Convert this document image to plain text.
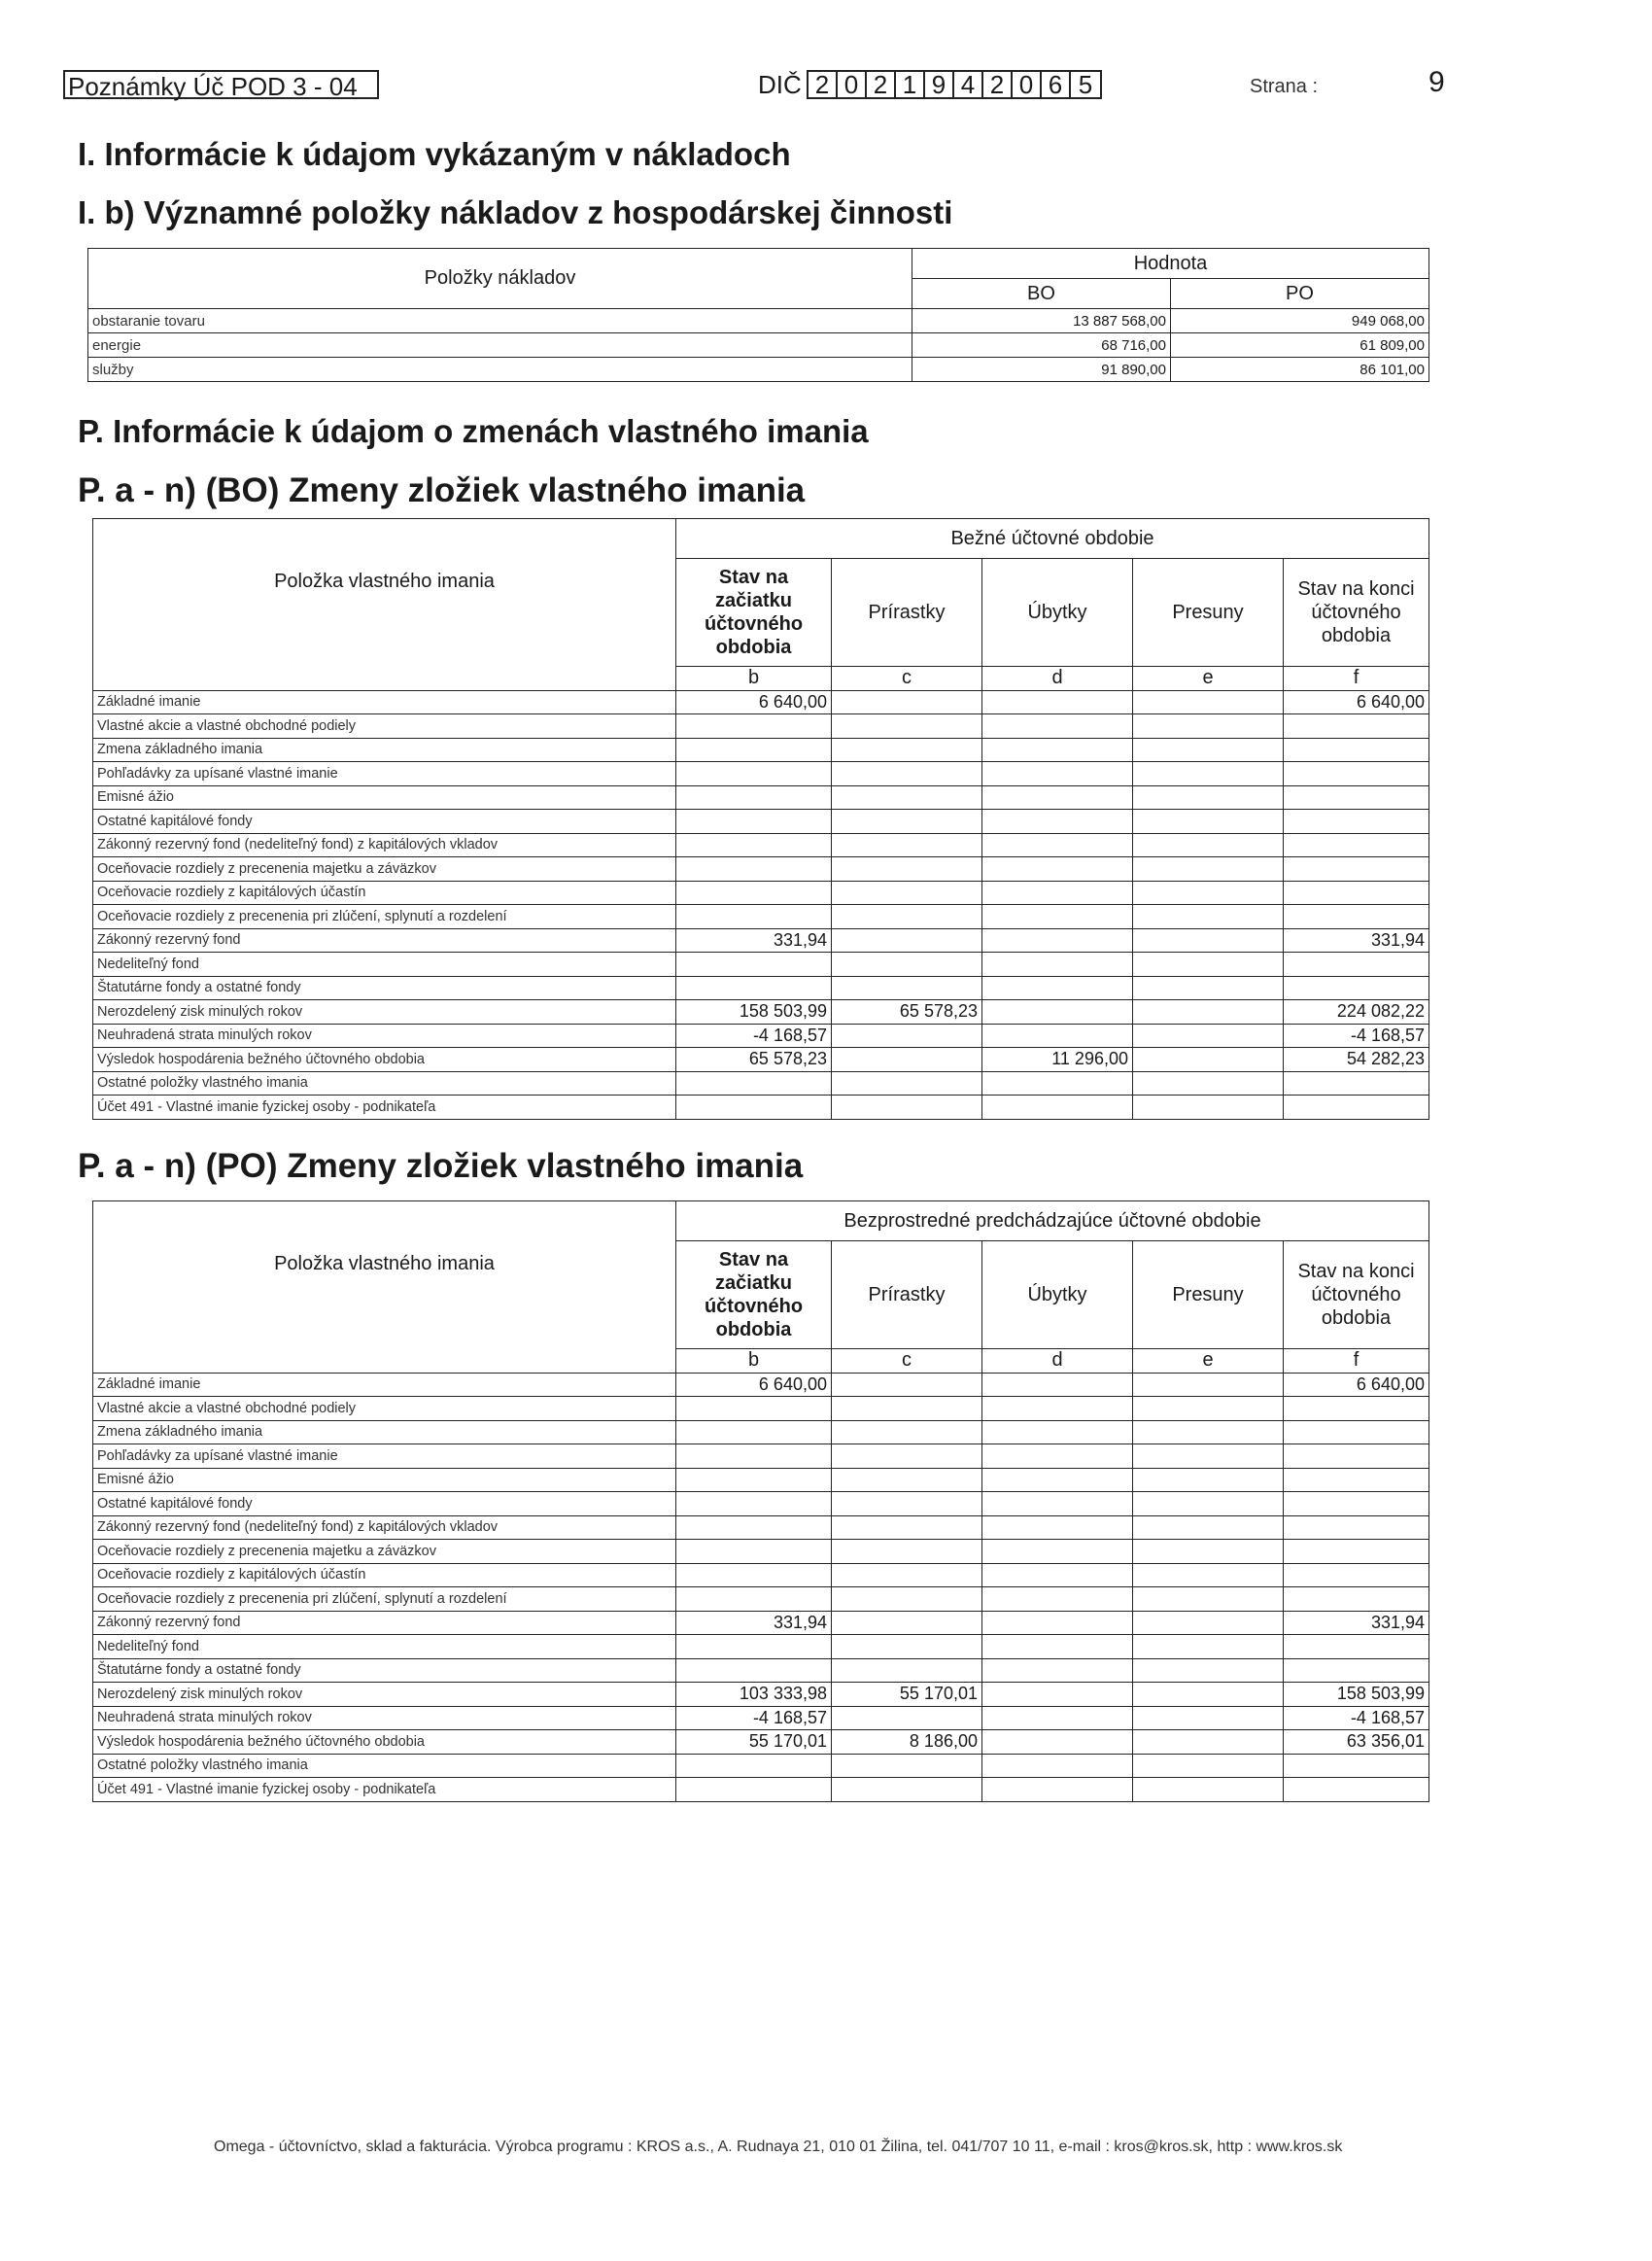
Poznámky Úč POD 3 - 04	DIČ 2 0 2 1 9 4 2 0 6 5	Strana :	9
I. Informácie k údajom vykázaným v nákladoch
I. b) Významné položky nákladov z hospodárskej činnosti
Položky nákladov	Hodnota	
	BO	PO
obstaranie tovaru	13 887 568,00	949 068,00
energie	68 716,00	61 809,00
služby	91 890,00	86 101,00
P. Informácie k údajom o zmenách vlastného imania
P. a - n) (BO) Zmeny zložiek vlastného imania
Položka vlastného imania	Bežné účtovné obdobie				
	Stav na začiatku účtovného obdobia	Prírastky	Úbytky	Presuny	Stav na konci účtovného obdobia
	b	c	d	e	f
Základné imanie	6 640,00				6 640,00
Vlastné akcie a vlastné obchodné podiely					
Zmena základného imania					
Pohľadávky za upísané vlastné imanie					
Emisné ážio					
Ostatné kapitálové fondy					
Zákonný rezervný fond (nedeliteľný fond) z kapitálových vkladov					
Oceňovacie rozdiely z precenenia majetku a záväzkov					
Oceňovacie rozdiely z kapitálových účastín					
Oceňovacie rozdiely z precenenia pri zlúčení, splynutí a rozdelení					
Zákonný rezervný fond	331,94				331,94
Nedeliteľný fond					
Štatutárne fondy a ostatné fondy					
Nerozdelený zisk minulých rokov	158 503,99	65 578,23			224 082,22
Neuhradená strata minulých rokov	-4 168,57				-4 168,57
Výsledok hospodárenia bežného účtovného obdobia	65 578,23		11 296,00		54 282,23
Ostatné položky vlastného imania					
Účet 491 - Vlastné imanie fyzickej osoby - podnikateľa					
P. a - n) (PO) Zmeny zložiek vlastného imania
Položka vlastného imania	Bezprostredné predchádzajúce účtovné obdobie				
	Stav na začiatku účtovného obdobia	Prírastky	Úbytky	Presuny	Stav na konci účtovného obdobia
	b	c	d	e	f
Základné imanie	6 640,00				6 640,00
Vlastné akcie a vlastné obchodné podiely					
Zmena základného imania					
Pohľadávky za upísané vlastné imanie					
Emisné ážio					
Ostatné kapitálové fondy					
Zákonný rezervný fond (nedeliteľný fond) z kapitálových vkladov					
Oceňovacie rozdiely z precenenia majetku a záväzkov					
Oceňovacie rozdiely z kapitálových účastín					
Oceňovacie rozdiely z precenenia pri zlúčení, splynutí a rozdelení					
Zákonný rezervný fond	331,94				331,94
Nedeliteľný fond					
Štatutárne fondy a ostatné fondy					
Nerozdelený zisk minulých rokov	103 333,98	55 170,01			158 503,99
Neuhradená strata minulých rokov	-4 168,57				-4 168,57
Výsledok hospodárenia bežného účtovného obdobia	55 170,01	8 186,00			63 356,01
Ostatné položky vlastného imania					
Účet 491 - Vlastné imanie fyzickej osoby - podnikateľa					
Omega - účtovníctvo, sklad a fakturácia. Výrobca programu : KROS a.s., A. Rudnaya 21, 010 01 Žilina, tel. 041/707 10 11, e-mail : kros@kros.sk, http : www.kros.sk
